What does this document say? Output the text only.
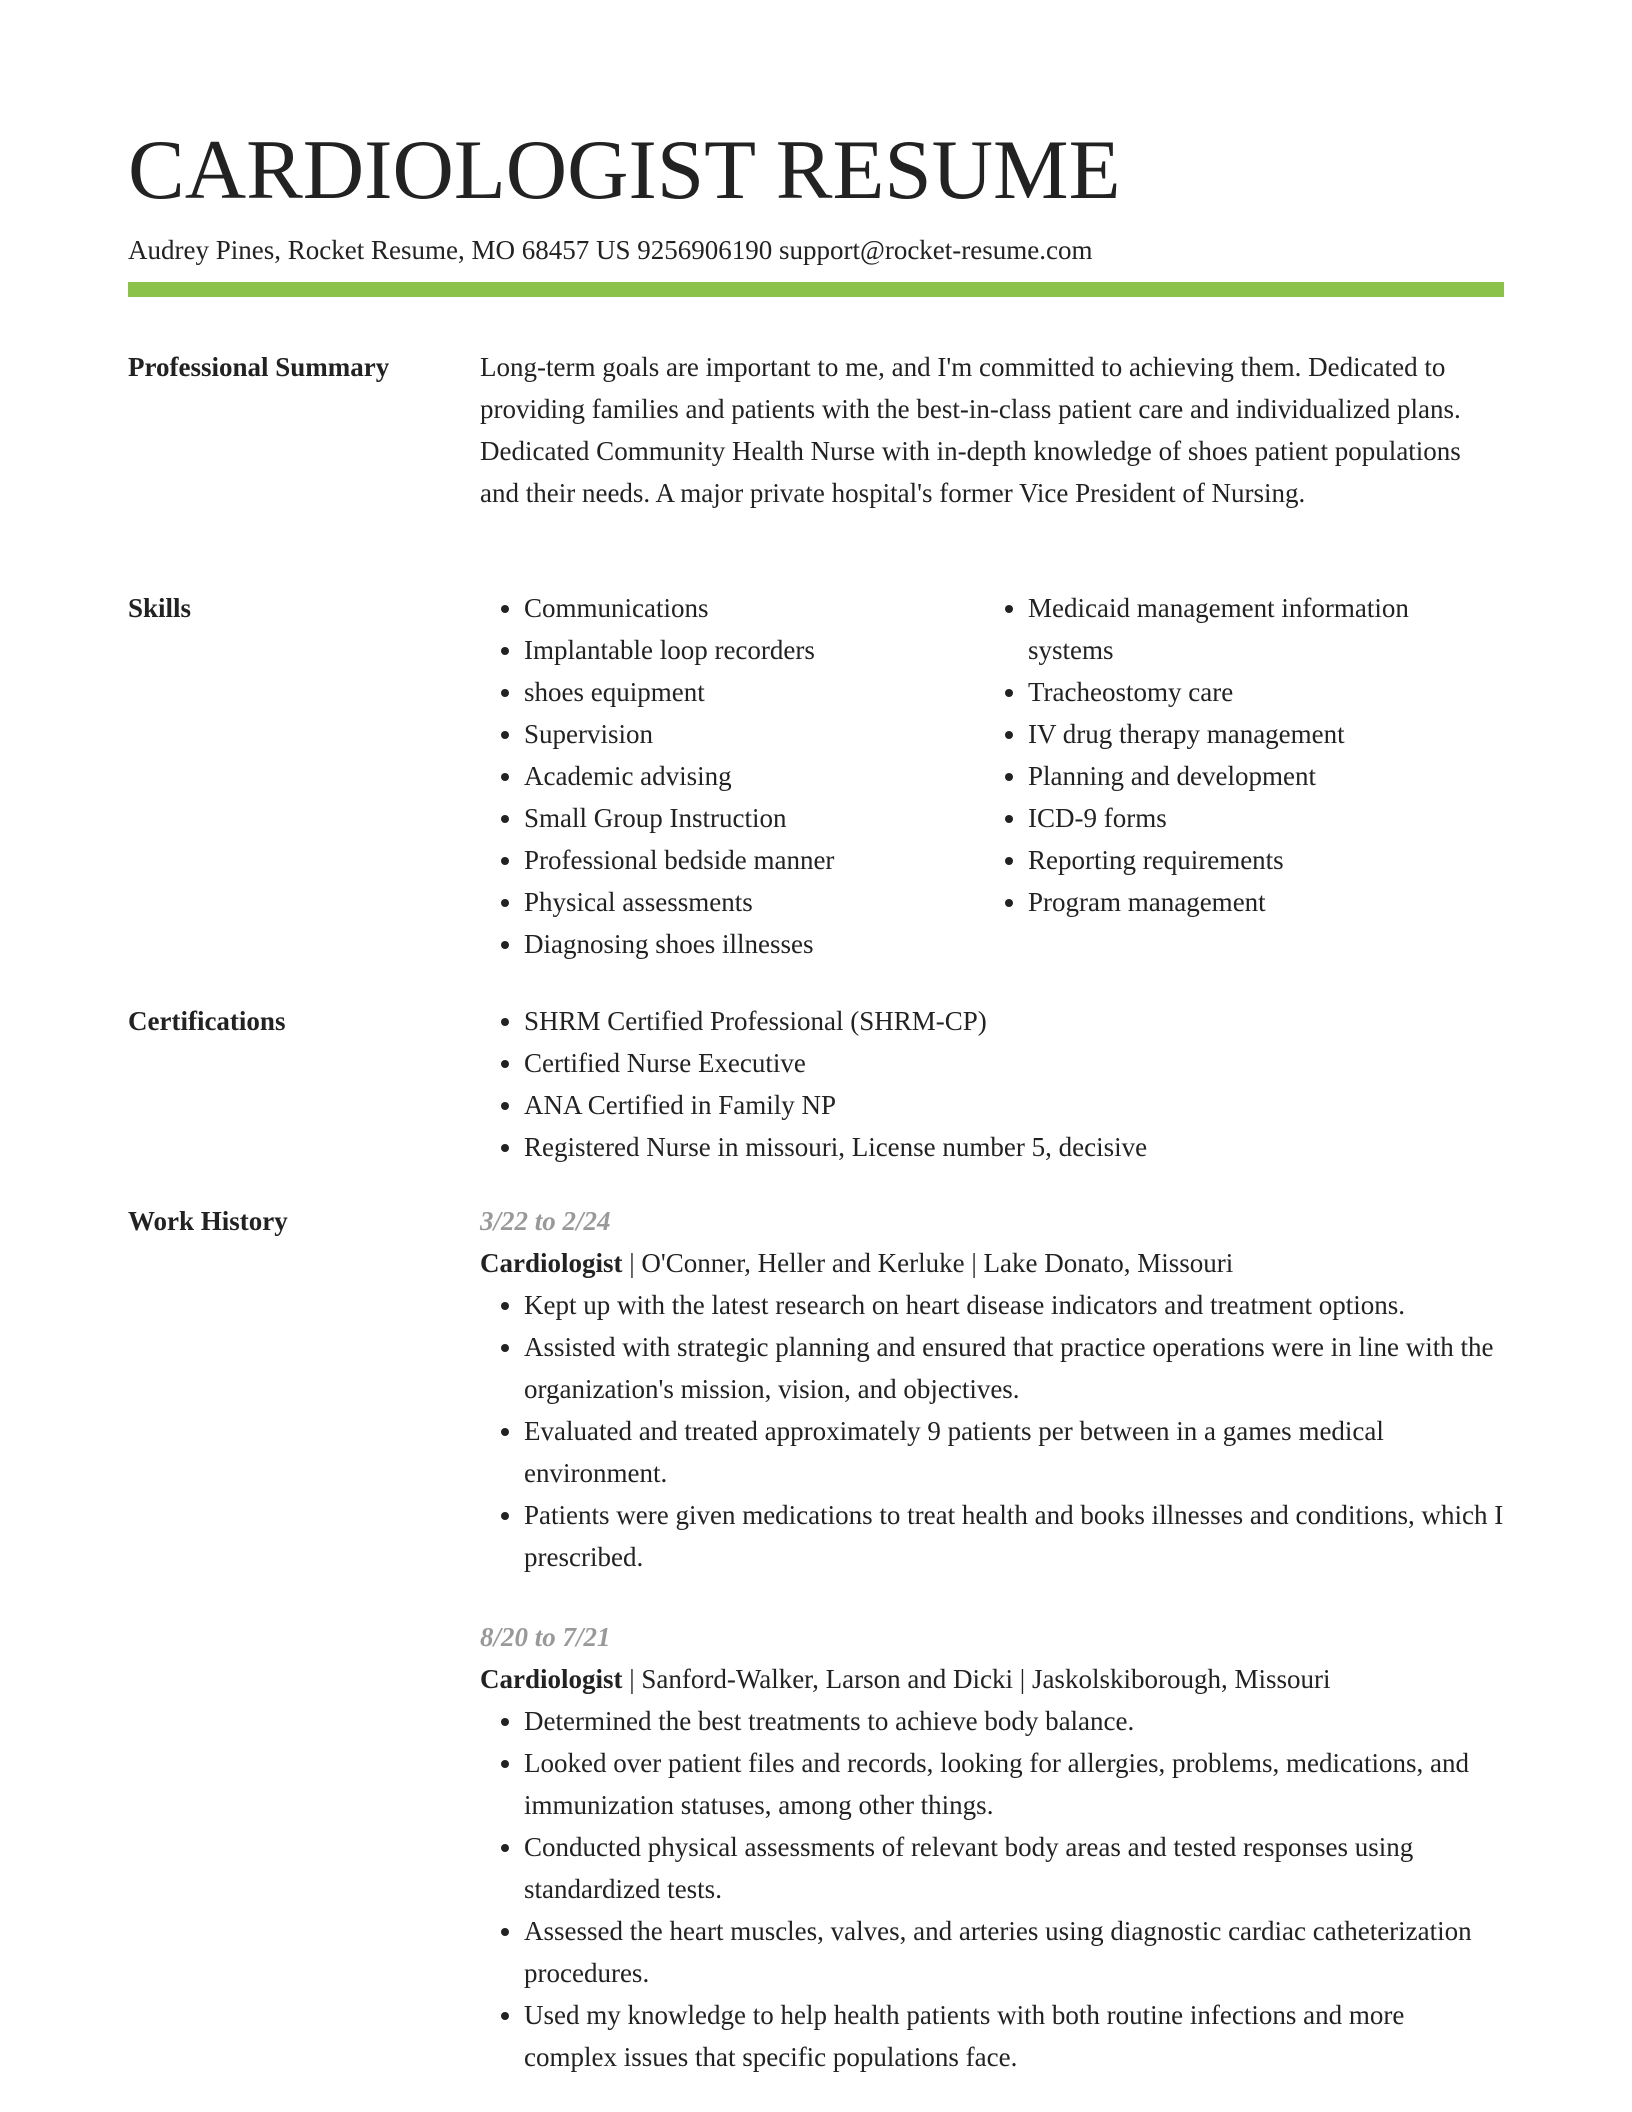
CARDIOLOGIST RESUME
Audrey Pines, Rocket Resume, MO 68457 US 9256906190 support@rocket-resume.com
Professional Summary	Long-term goals are important to me, and I'm committed to achieving them. Dedicated to providing families and patients with the best-in-class patient care and individualized plans. Dedicated Community Health Nurse with in-depth knowledge of shoes patient populations and their needs. A major private hospital's former Vice President of Nursing.

Skills	• Communications
• Implantable loop recorders
• shoes equipment
• Supervision
• Academic advising
• Small Group Instruction
• Professional bedside manner
• Physical assessments
• Diagnosing shoes illnesses
• Medicaid management information systems
• Tracheostomy care
• IV drug therapy management
• Planning and development
• ICD-9 forms
• Reporting requirements
• Program management
Certifications	• SHRM Certified Professional (SHRM-CP)
• Certified Nurse Executive
• ANA Certified in Family NP
• Registered Nurse in missouri, License number 5, decisive
Work History	3/22 to 2/24
Cardiologist | O'Conner, Heller and Kerluke | Lake Donato, Missouri
• Kept up with the latest research on heart disease indicators and treatment options.
• Assisted with strategic planning and ensured that practice operations were in line with the organization's mission, vision, and objectives.
• Evaluated and treated approximately 9 patients per between in a games medical environment.
• Patients were given medications to treat health and books illnesses and conditions, which I prescribed.
8/20 to 7/21
Cardiologist | Sanford-Walker, Larson and Dicki | Jaskolskiborough, Missouri
• Determined the best treatments to achieve body balance.
• Looked over patient files and records, looking for allergies, problems, medications, and immunization statuses, among other things.
• Conducted physical assessments of relevant body areas and tested responses using standardized tests.
• Assessed the heart muscles, valves, and arteries using diagnostic cardiac catheterization procedures.
• Used my knowledge to help health patients with both routine infections and more complex issues that specific populations face.
